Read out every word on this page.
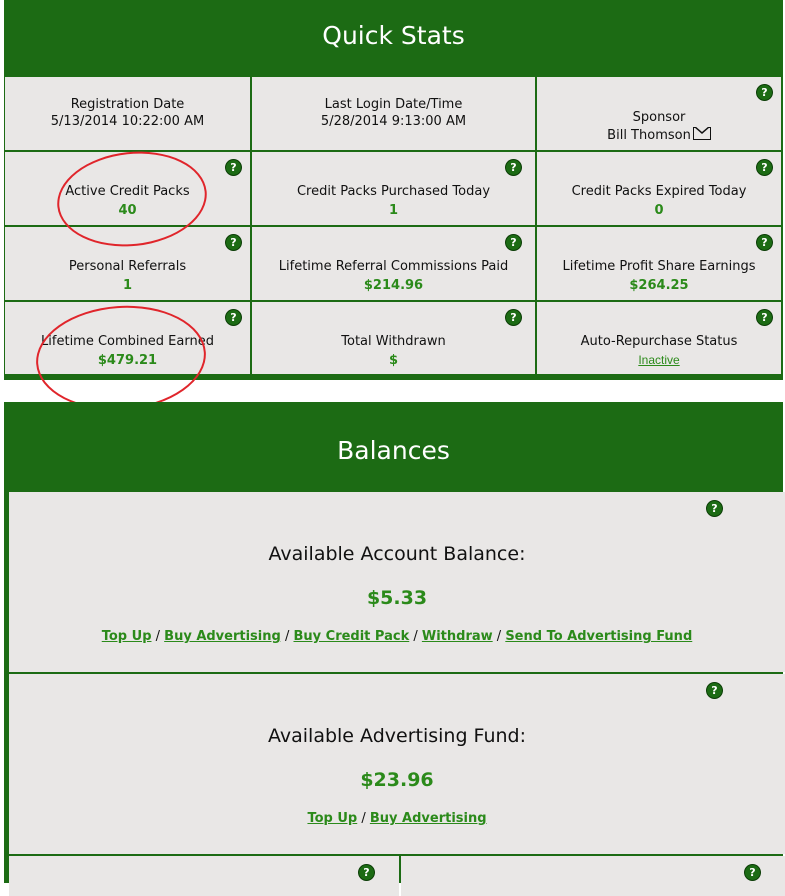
Quick Stats
Registration Date
5/13/2014 10:22:00 AM
Last Login Date/Time
5/28/2014 9:13:00 AM
?	Sponsor
Bill Thomson
?
Active Credit Packs
40
?
Credit Packs Purchased Today
1
?
Credit Packs Expired Today
0
?
Personal Referrals
1
?
Lifetime Referral Commissions Paid
$214.96
?
Lifetime Profit Share Earnings
$264.25
?
Lifetime Combined Earned
$479.21
?
Total Withdrawn
$
?
Auto-Repurchase Status
Inactive
Balances
?
Available Account Balance:
$5.33
Top Up / Buy Advertising / Buy Credit Pack / Withdraw / Send To Advertising Fund
?
Available Advertising Fund:
$23.96
Top Up / Buy Advertising
?
?
